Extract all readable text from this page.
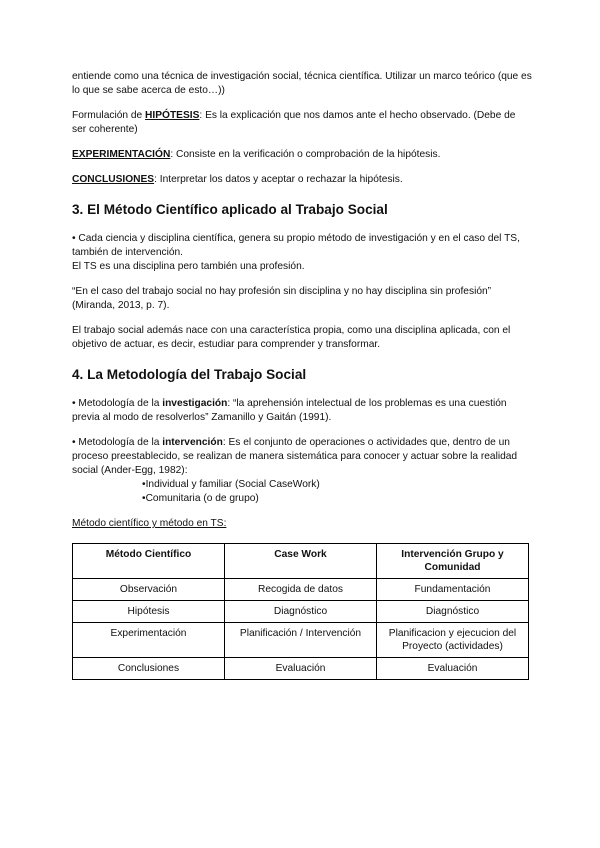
entiende como una técnica de investigación social, técnica científica. Utilizar un marco teórico (que es lo que se sabe acerca de esto…))

Formulación de HIPÓTESIS: Es la explicación que nos damos ante el hecho observado. (Debe de ser coherente)

EXPERIMENTACIÓN: Consiste en la verificación o comprobación de la hipótesis.

CONCLUSIONES: Interpretar los datos y aceptar o rechazar la hipótesis.

3. El Método Científico aplicado al Trabajo Social

• Cada ciencia y disciplina científica, genera su propio método de investigación y en el caso del TS, también de intervención.

El TS es una disciplina pero también una profesión.

“En el caso del trabajo social no hay profesión sin disciplina y no hay disciplina sin profesión” (Miranda, 2013, p. 7).

El trabajo social además nace con una característica propia, como una disciplina aplicada, con el objetivo de actuar, es decir, estudiar para comprender y transformar.

4. La Metodología del Trabajo Social

• Metodología de la investigación: “la aprehensión intelectual de los problemas es una cuestión previa al modo de resolverlos” Zamanillo y Gaitán (1991).

• Metodología de la intervención: Es el conjunto de operaciones o actividades que, dentro de un proceso preestablecido, se realizan de manera sistemática para conocer y actuar sobre la realidad social (Ander-Egg, 1982):

•Individual y familiar (Social CaseWork)

•Comunitaria (o de grupo)

Método científico y método en TS:

Método Científico	Case Work	Intervención Grupo y Comunidad
Observación	Recogida de datos	Fundamentación
Hipótesis	Diagnóstico	Diagnóstico
Experimentación	Planificación / Intervención	Planificacion y ejecucion del Proyecto (actividades)
Conclusiones	Evaluación	Evaluación
